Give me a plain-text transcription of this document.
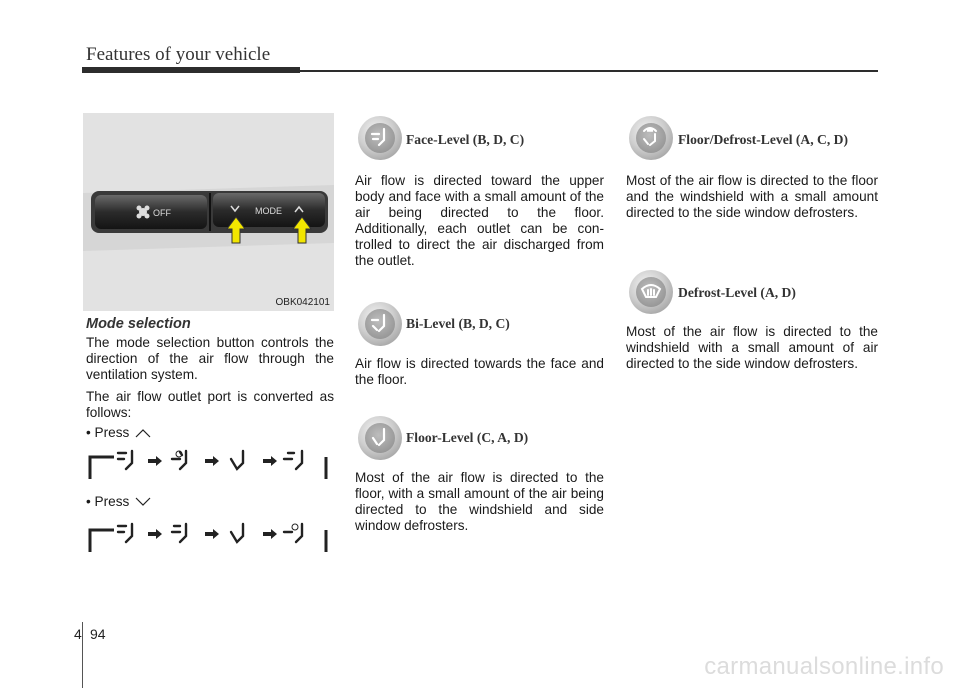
Features of your vehicle
OFF	MODE
OBK042101
Mode selection
The mode selection button controls the direction of the air flow through the ventilation system.
The air flow outlet port is converted as follows:
• Press
• Press
Face-Level (B, D, C)
Air flow is directed toward the upper body and face with a small amount of the air being directed to the floor. Additionally, each outlet can be con-trolled to direct the air discharged from the outlet.
Bi-Level (B, D, C)
Air flow is directed towards the face and the floor.
Floor-Level (C, A, D)
Most of the air flow is directed to the floor, with a small amount of the air being directed to the windshield and side window defrosters.
Floor/Defrost-Level (A, C, D)
Most of the air flow is directed to the floor and the windshield with a small amount directed to the side window defrosters.
Defrost-Level (A, D)
Most of the air flow is directed to the windshield with a small amount of air directed to the side window defrosters.
4 94
carmanualsonline.info
